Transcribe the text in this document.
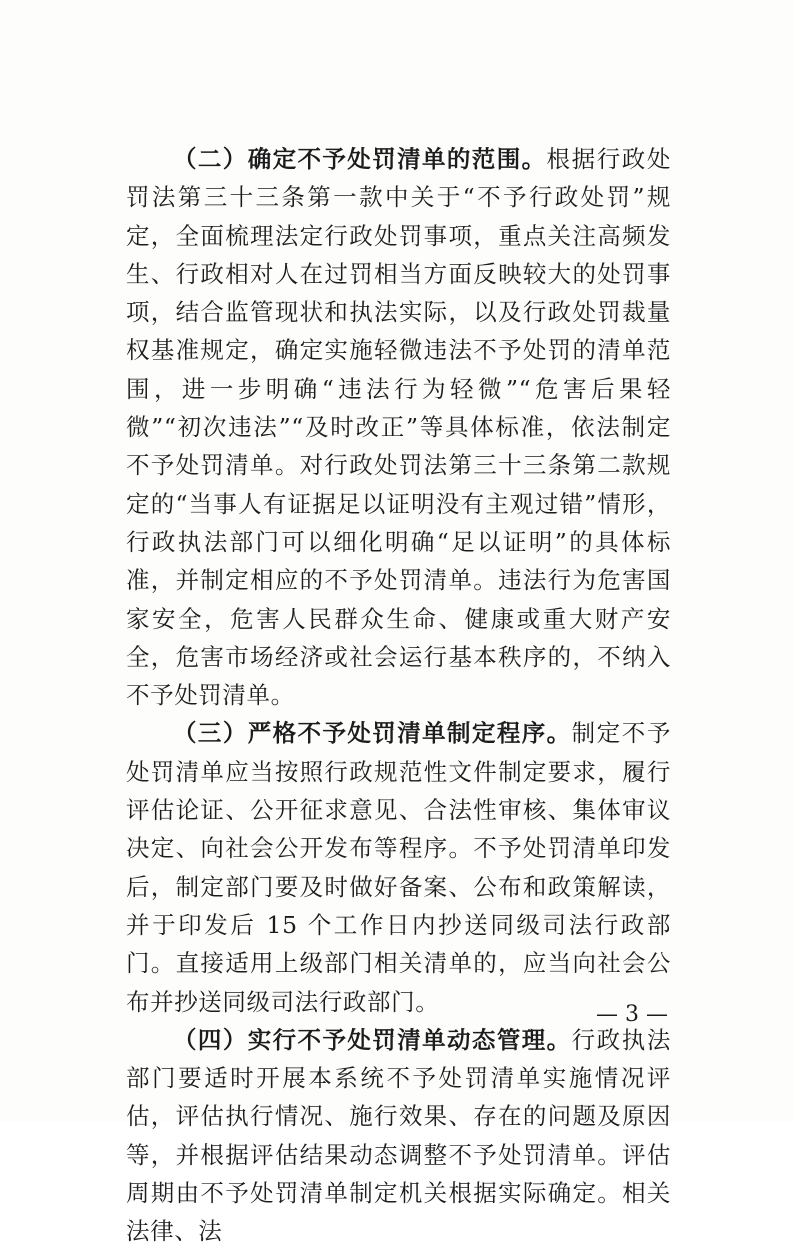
（二）确定不予处罚清单的范围。根据行政处罚法第三十三条第一款中关于“不予行政处罚”规定，全面梳理法定行政处罚事项，重点关注高频发生、行政相对人在过罚相当方面反映较大的处罚事项，结合监管现状和执法实际，以及行政处罚裁量权基准规定，确定实施轻微违法不予处罚的清单范围，进一步明确“违法行为轻微”“危害后果轻微”“初次违法”“及时改正”等具体标准，依法制定不予处罚清单。对行政处罚法第三十三条第二款规定的“当事人有证据足以证明没有主观过错”情形，行政执法部门可以细化明确“足以证明”的具体标准，并制定相应的不予处罚清单。违法行为危害国家安全，危害人民群众生命、健康或重大财产安全，危害市场经济或社会运行基本秩序的，不纳入不予处罚清单。

（三）严格不予处罚清单制定程序。制定不予处罚清单应当按照行政规范性文件制定要求，履行评估论证、公开征求意见、合法性审核、集体审议决定、向社会公开发布等程序。不予处罚清单印发后，制定部门要及时做好备案、公布和政策解读，并于印发后 15 个工作日内抄送同级司法行政部门。直接适用上级部门相关清单的，应当向社会公布并抄送同级司法行政部门。

（四）实行不予处罚清单动态管理。行政执法部门要适时开展本系统不予处罚清单实施情况评估，评估执行情况、施行效果、存在的问题及原因等，并根据评估结果动态调整不予处罚清单。评估周期由不予处罚清单制定机关根据实际确定。相关法律、法

— 3 —
